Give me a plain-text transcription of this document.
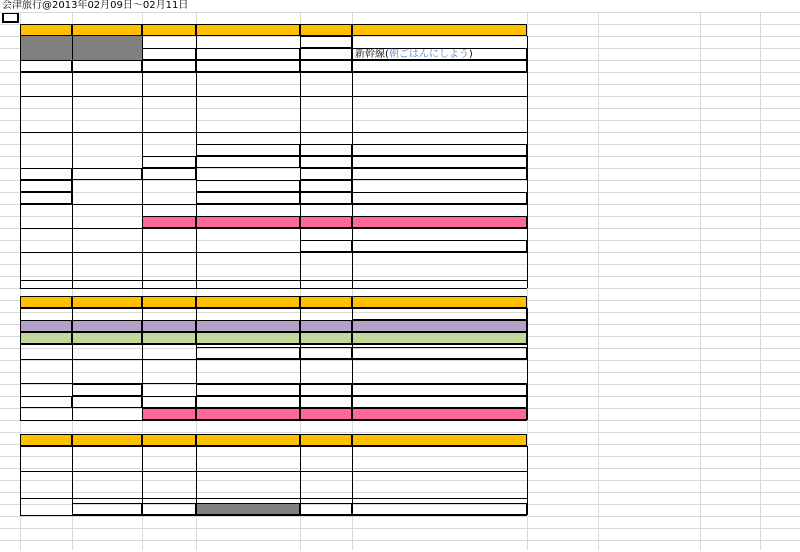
会津旅行@2013年02月09日～02月11日
新幹線(朝ごはんにしよう)
